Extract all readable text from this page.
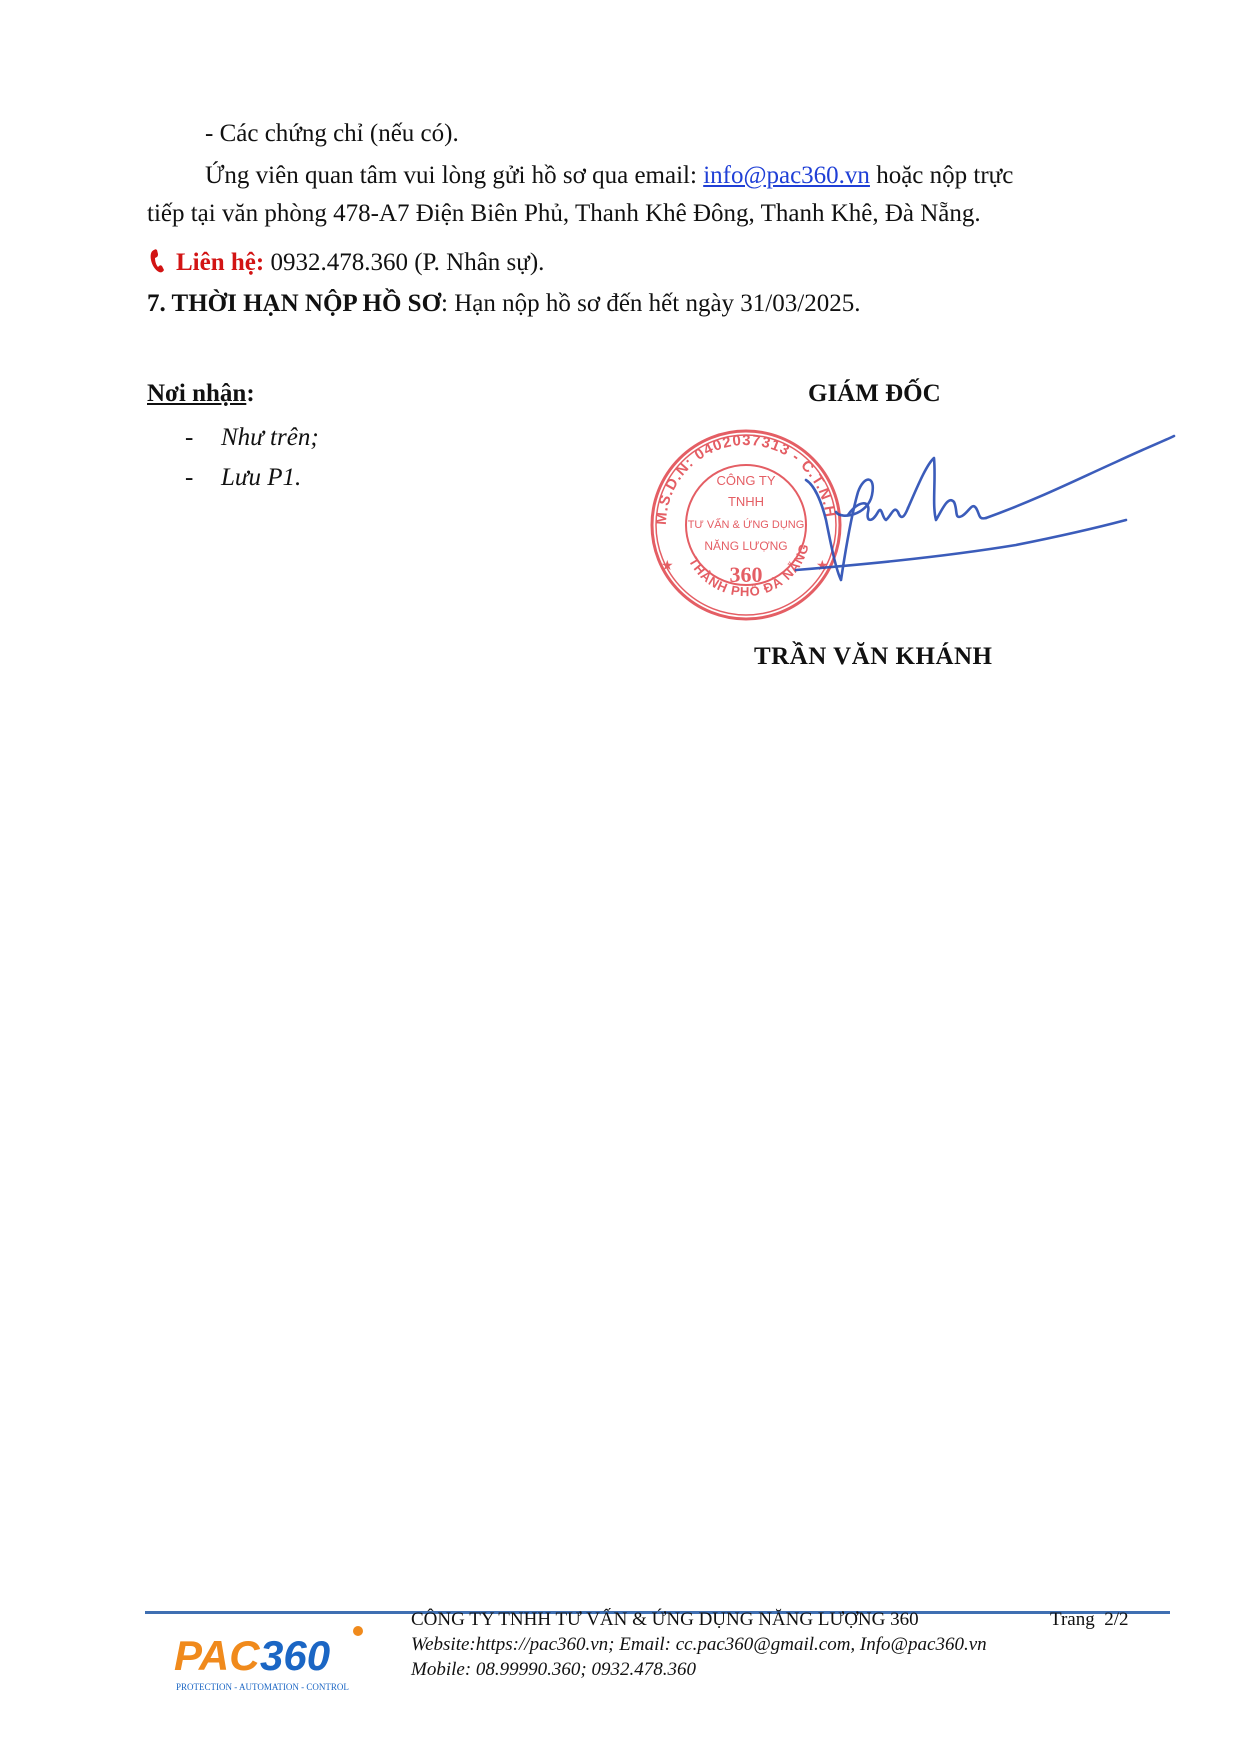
- Các chứng chỉ (nếu có).
Ứng viên quan tâm vui lòng gửi hồ sơ qua email: info@pac360.vn hoặc nộp trực
tiếp tại văn phòng 478-A7 Điện Biên Phủ, Thanh Khê Đông, Thanh Khê, Đà Nẵng.
Liên hệ: 0932.478.360 (P. Nhân sự).
7. THỜI HẠN NỘP HỒ SƠ: Hạn nộp hồ sơ đến hết ngày 31/03/2025.
Nơi nhận:
- Như trên;
- Lưu P1.
GIÁM ĐỐC
M.S.D.N: 0402037313 - C.T.N.H
THÀNH PHỐ ĐÀ NẴNG
★	★
CÔNG TY
TNHH
TƯ VẤN & ỨNG DỤNG
NĂNG LƯỢNG
360
TRẦN VĂN KHÁNH
PAC 360
PROTECTION - AUTOMATION - CONTROL
CÔNG TY TNHH TƯ VẤN & ỨNG DỤNG NĂNG LƯỢNG 360	Trang 2/2
Website:https://pac360.vn; Email: cc.pac360@gmail.com, Info@pac360.vn
Mobile: 08.99990.360; 0932.478.360
